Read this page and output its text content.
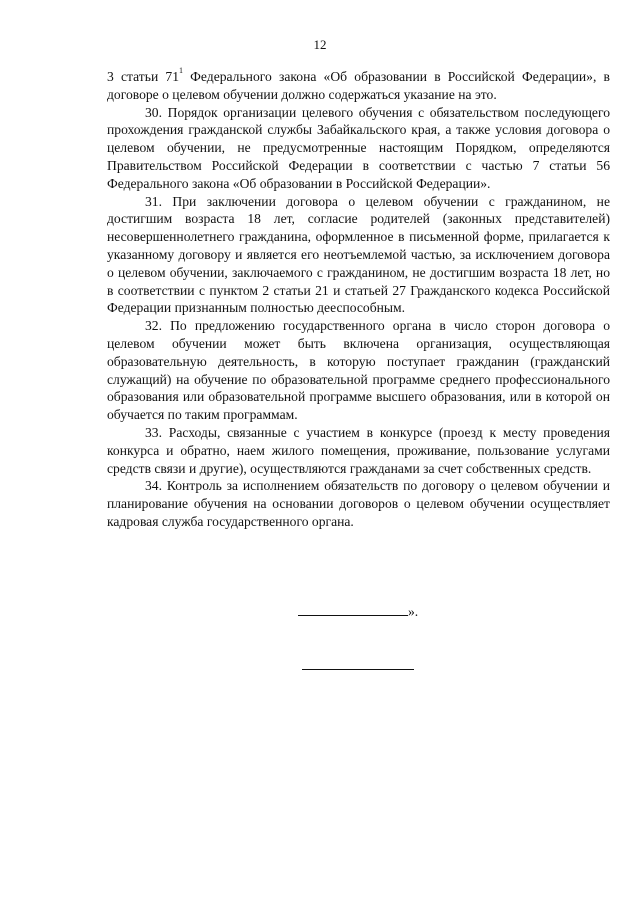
12

3 статьи $71^1$ Федерального закона «Об образовании в Российской Федерации», в договоре о целевом обучении должно содержаться указание на это.

30. Порядок организации целевого обучения с обязательством последующего прохождения гражданской службы Забайкальского края, а также условия договора о целевом обучении, не предусмотренные настоящим Порядком, определяются Правительством Российской Федерации в соответствии с частью 7 статьи 56 Федерального закона «Об образовании в Российской Федерации».

31. При заключении договора о целевом обучении с гражданином, не достигшим возраста 18 лет, согласие родителей (законных представителей) несовершеннолетнего гражданина, оформленное в письменной форме, прилагается к указанному договору и является его неотъемлемой частью, за исключением договора о целевом обучении, заключаемого с гражданином, не достигшим возраста 18 лет, но в соответствии с пунктом 2 статьи 21 и статьей 27 Гражданского кодекса Российской Федерации признанным полностью дееспособным.

32. По предложению государственного органа в число сторон договора о целевом обучении может быть включена организация, осуществляющая образовательную деятельность, в которую поступает гражданин (гражданский служащий) на обучение по образовательной программе среднего профессионального образования или образовательной программе высшего образования, или в которой он обучается по таким программам.

33. Расходы, связанные с участием в конкурсе (проезд к месту проведения конкурса и обратно, наем жилого помещения, проживание, пользование услугами средств связи и другие), осуществляются гражданами за счет собственных средств.

34. Контроль за исполнением обязательств по договору о целевом обучении и планирование обучения на основании договоров о целевом обучении осуществляет кадровая служба государственного органа.

».
